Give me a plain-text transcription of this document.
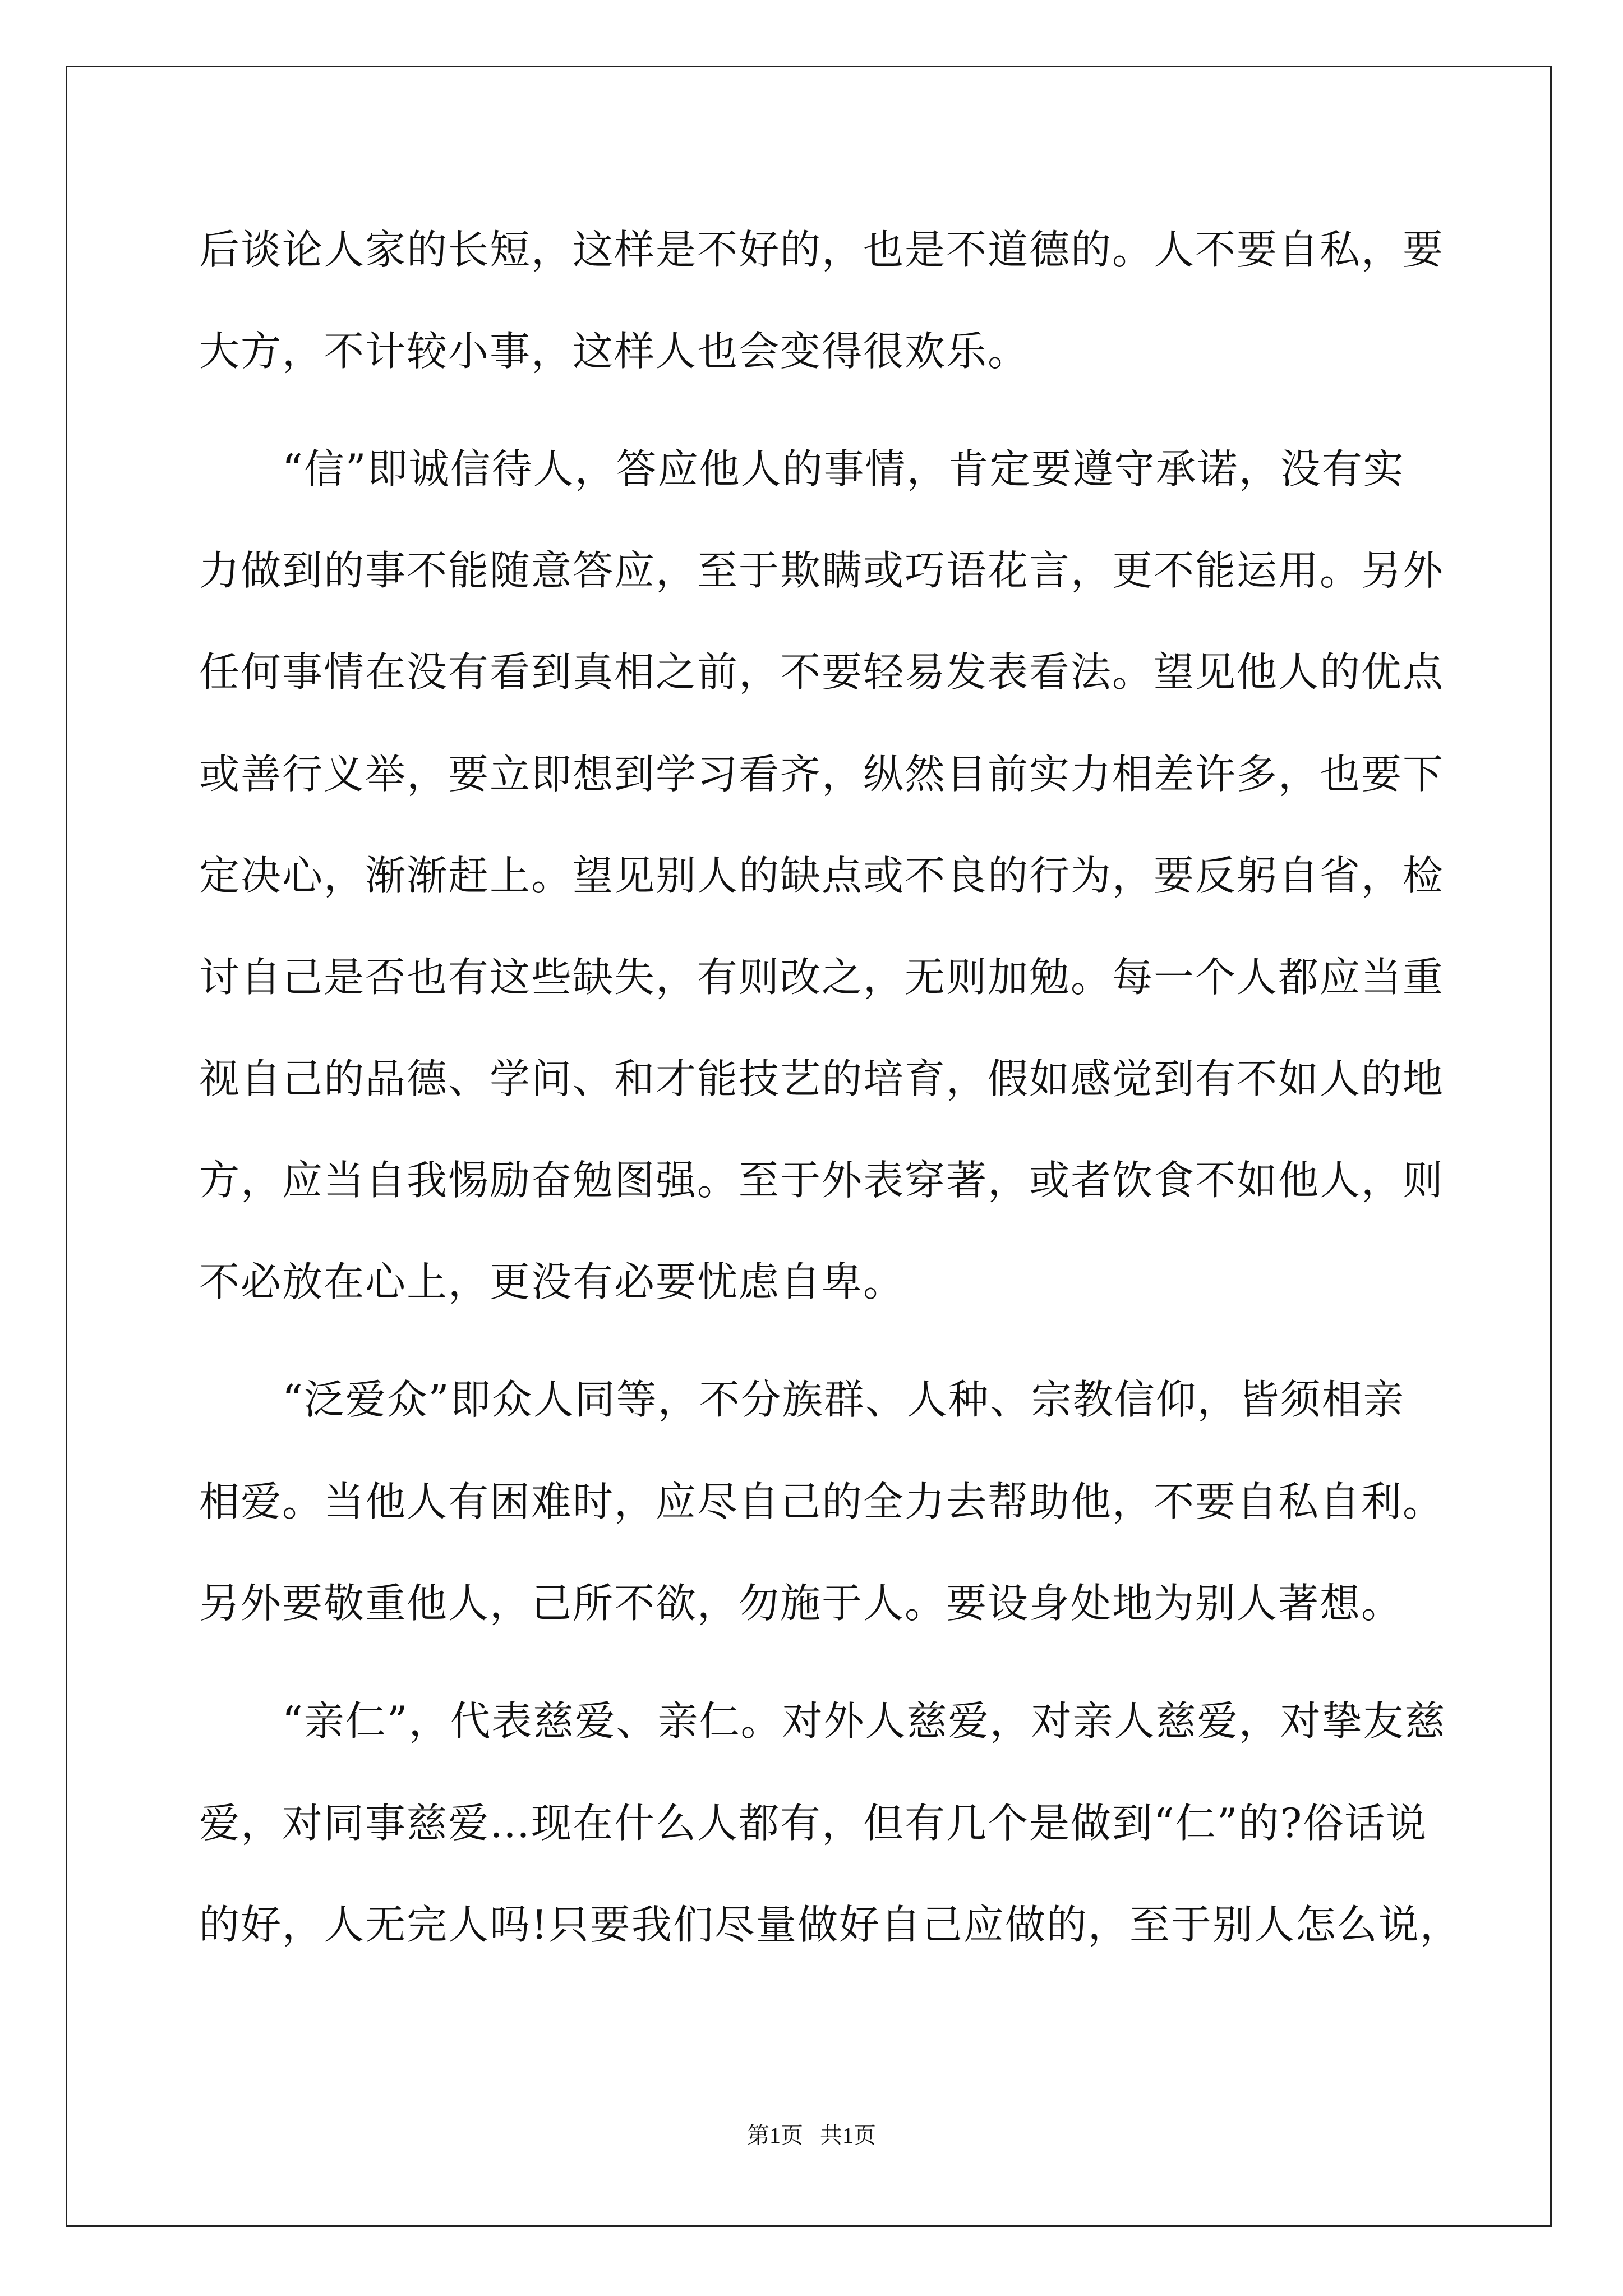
后谈论人家的长短，这样是不好的，也是不道德的。人不要自私，要
大方，不计较小事，这样人也会变得很欢乐。
　　“信”即诚信待人，答应他人的事情，肯定要遵守承诺，没有实
力做到的事不能随意答应，至于欺瞒或巧语花言，更不能运用。另外
任何事情在没有看到真相之前，不要轻易发表看法。望见他人的优点
或善行义举，要立即想到学习看齐，纵然目前实力相差许多，也要下
定决心，渐渐赶上。望见别人的缺点或不良的行为，要反躬自省，检
讨自己是否也有这些缺失，有则改之，无则加勉。每一个人都应当重
视自己的品德、学问、和才能技艺的培育，假如感觉到有不如人的地
方，应当自我惕励奋勉图强。至于外表穿著，或者饮食不如他人，则
不必放在心上，更没有必要忧虑自卑。
　　“泛爱众”即众人同等，不分族群、人种、宗教信仰，皆须相亲
相爱。当他人有困难时，应尽自己的全力去帮助他，不要自私自利。
另外要敬重他人，己所不欲，勿施于人。要设身处地为别人著想。
　　“亲仁”，代表慈爱、亲仁。对外人慈爱，对亲人慈爱，对挚友慈
爱，对同事慈爱…现在什么人都有，但有几个是做到“仁”的?俗话说
的好，人无完人吗!只要我们尽量做好自己应做的，至于别人怎么说，
第1页   共1页
